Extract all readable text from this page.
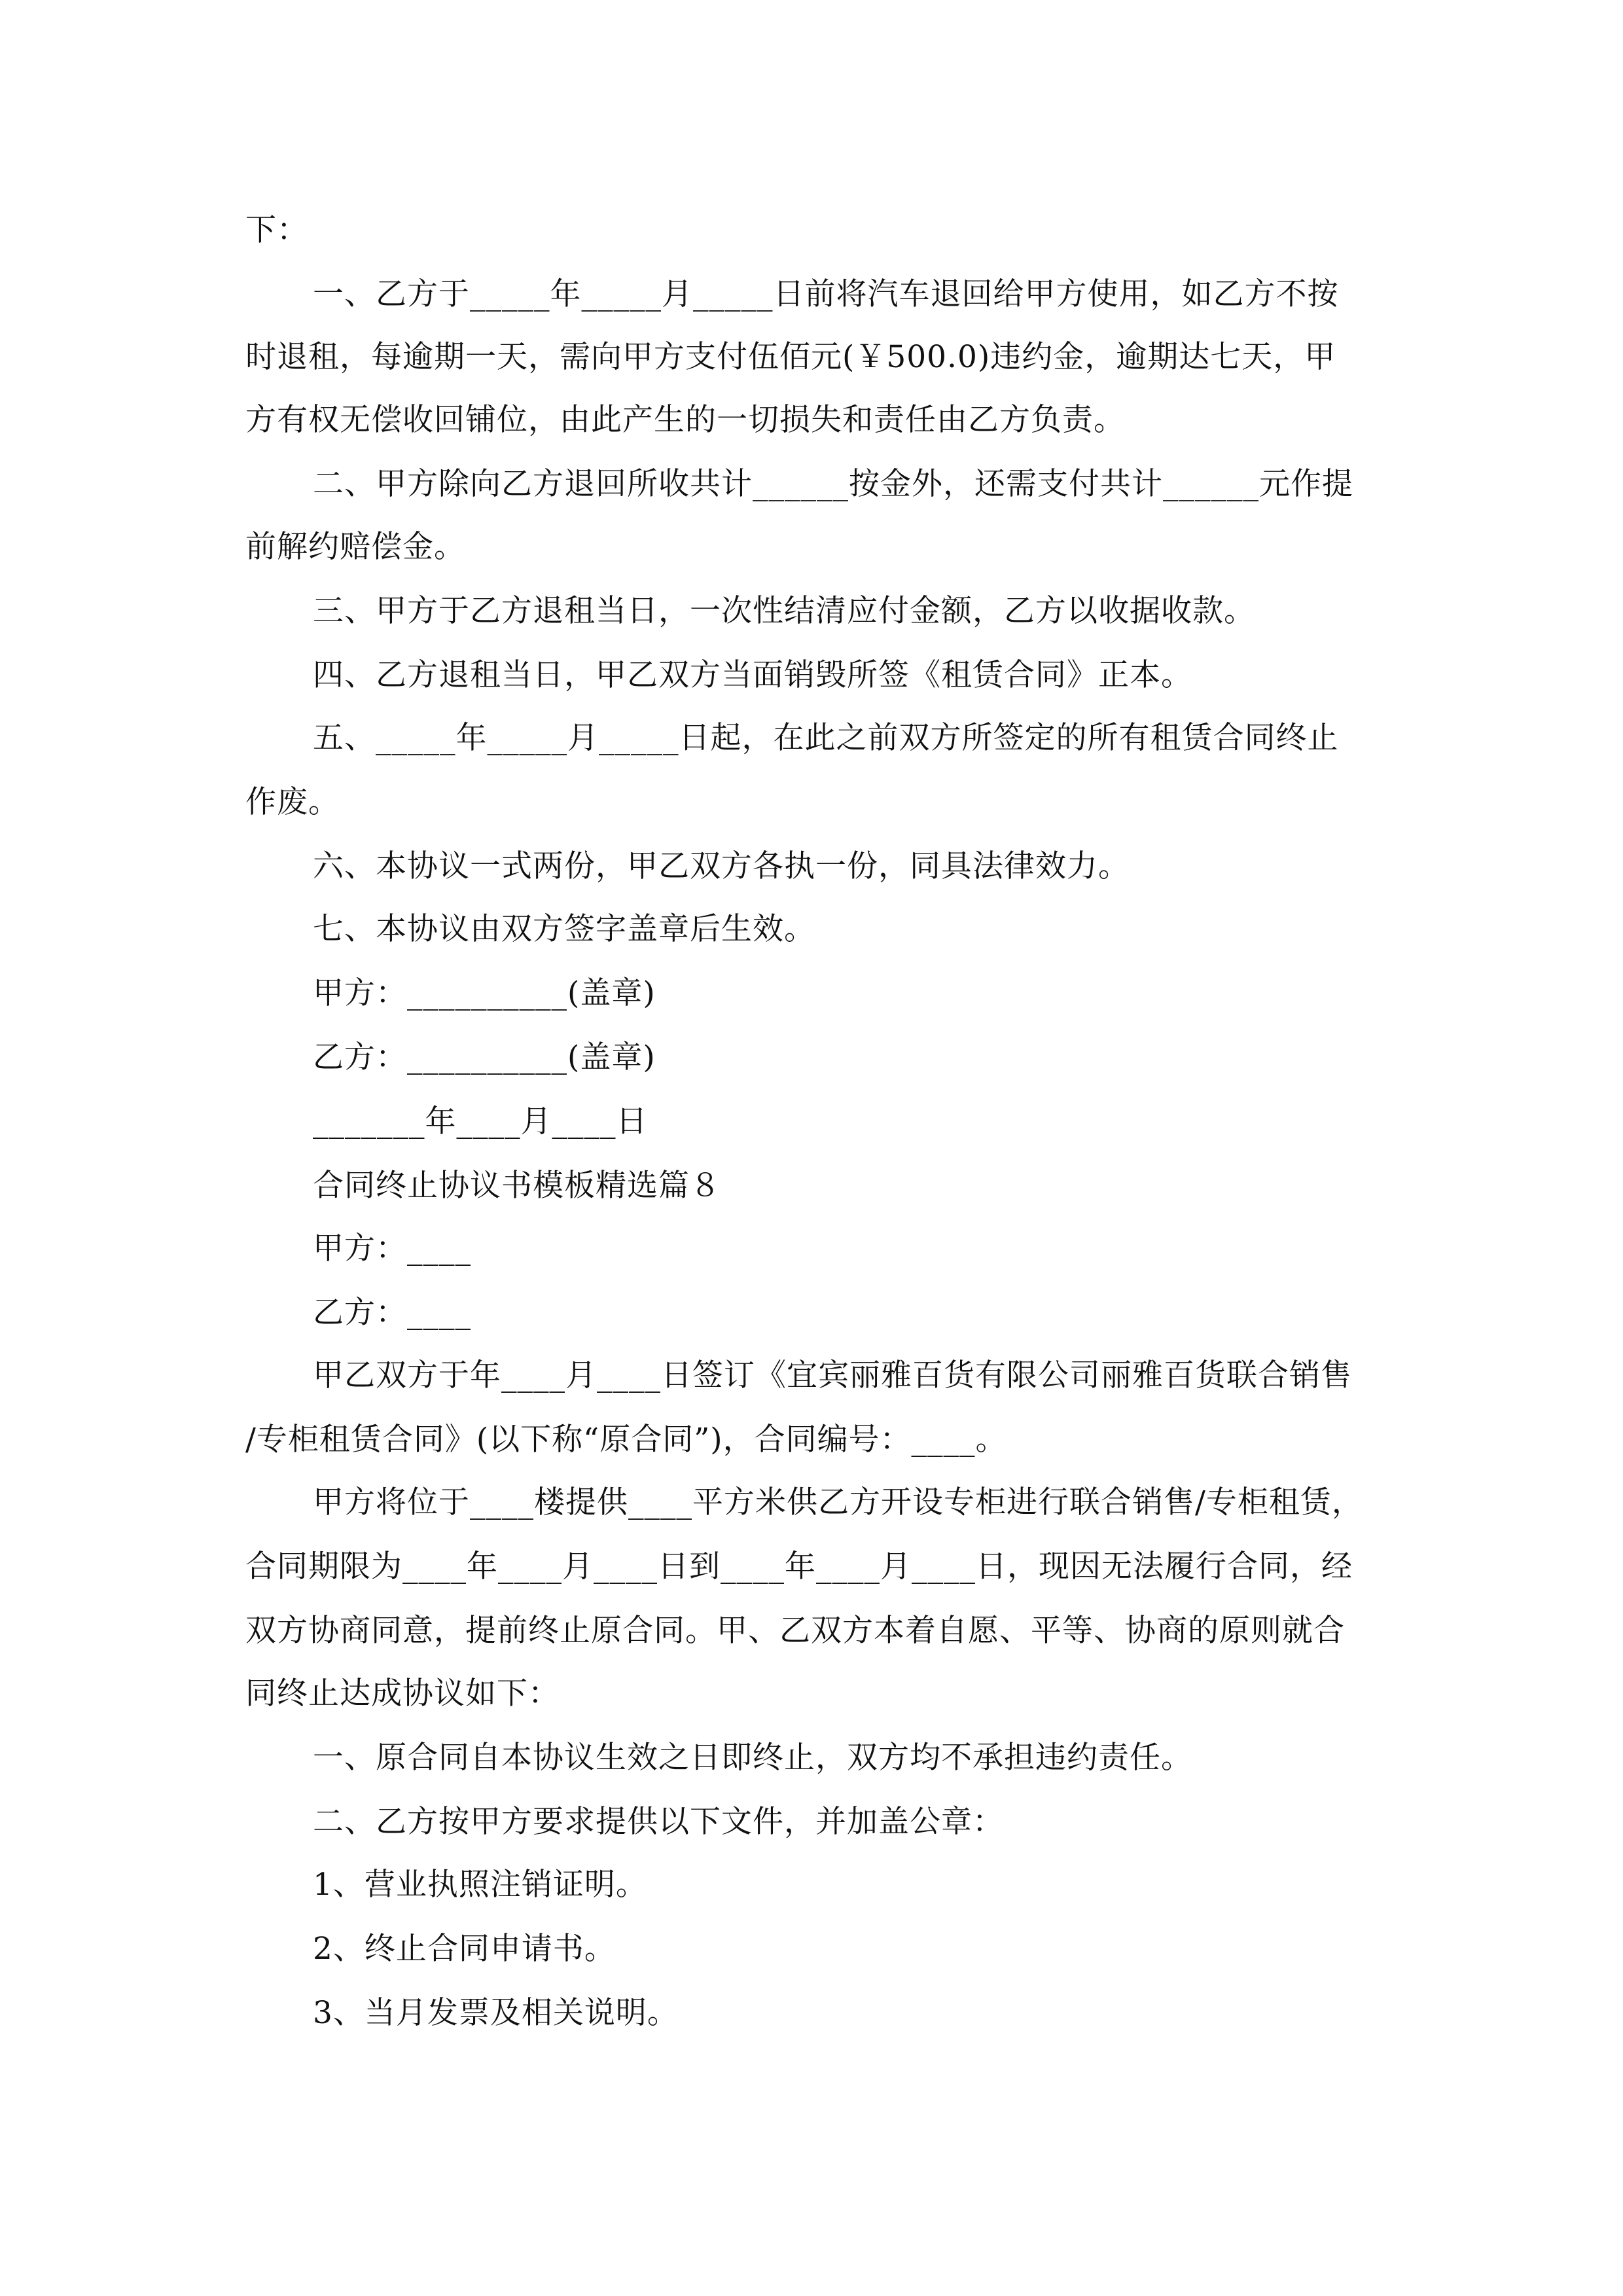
下：
一、乙方于_____年_____月_____日前将汽车退回给甲方使用，如乙方不按
时退租，每逾期一天，需向甲方支付伍佰元(￥500.0)违约金，逾期达七天，甲
方有权无偿收回铺位，由此产生的一切损失和责任由乙方负责。
二、甲方除向乙方退回所收共计______按金外，还需支付共计______元作提
前解约赔偿金。
三、甲方于乙方退租当日，一次性结清应付金额，乙方以收据收款。
四、乙方退租当日，甲乙双方当面销毁所签《租赁合同》正本。
五、_____年_____月_____日起，在此之前双方所签定的所有租赁合同终止
作废。
六、本协议一式两份，甲乙双方各执一份，同具法律效力。
七、本协议由双方签字盖章后生效。
甲方：__________(盖章)
乙方：__________(盖章)
_______年____月____日
合同终止协议书模板精选篇８
甲方：____
乙方：____
甲乙双方于年____月____日签订《宜宾丽雅百货有限公司丽雅百货联合销售
/专柜租赁合同》(以下称“原合同”)，合同编号：____。
甲方将位于____楼提供____平方米供乙方开设专柜进行联合销售/专柜租赁，
合同期限为____年____月____日到____年____月____日，现因无法履行合同，经
双方协商同意，提前终止原合同。甲、乙双方本着自愿、平等、协商的原则就合
同终止达成协议如下：
一、原合同自本协议生效之日即终止，双方均不承担违约责任。
二、乙方按甲方要求提供以下文件，并加盖公章：
1、营业执照注销证明。
2、终止合同申请书。
3、当月发票及相关说明。
